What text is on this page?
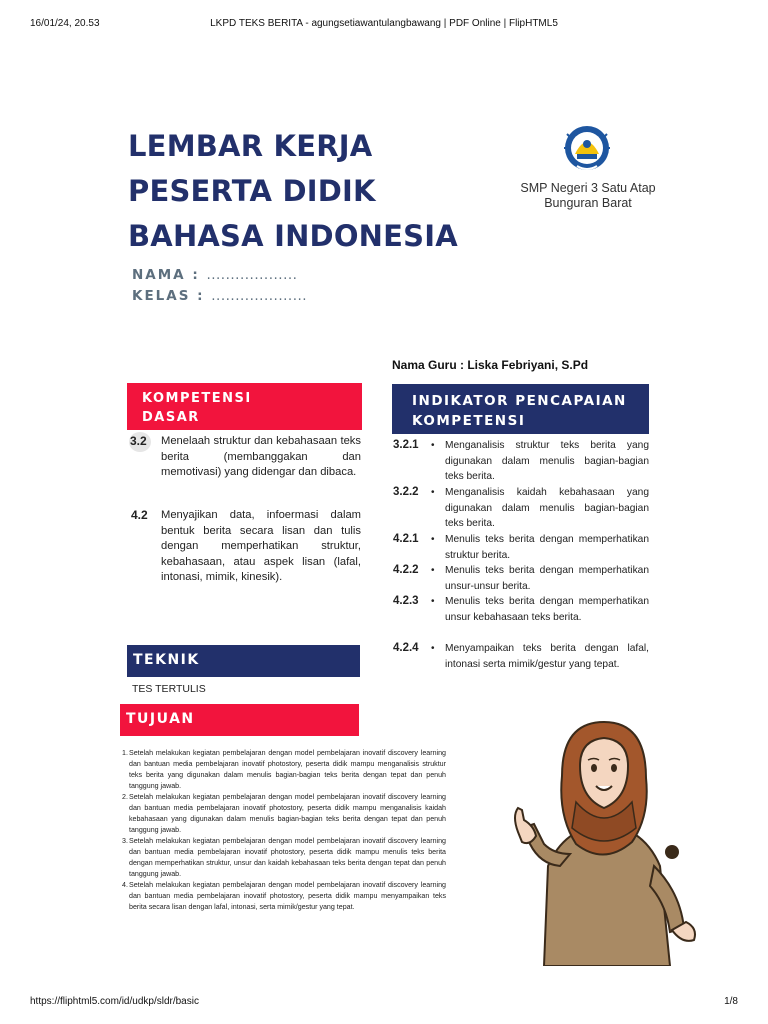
16/01/24, 20.53	LKPD TEKS BERITA - agungsetiawantulangbawang | PDF Online | FlipHTML5
LEMBAR KERJA
PESERTA DIDIK
BAHASA INDONESIA
SMP Negeri 3 Satu Atap
Bunguran Barat
NAMA : ...................
KELAS : ....................
Nama Guru : Liska Febriyani, S.Pd
KOMPETENSI
DASAR
3.2	Menelaah struktur dan kebahasaan teks berita (membanggakan dan memotivasi) yang didengar dan dibaca.
4.2 Menyajikan data, infoermasi dalam bentuk berita secara lisan dan tulis dengan memperhatikan struktur, kebahasaan, atau aspek lisan (lafal, intonasi, mimik, kinesik).
INDIKATOR PENCAPAIAN
KOMPETENSI
3.2.1 • Menganalisis struktur teks berita yang digunakan dalam menulis bagian-bagian teks berita.
3.2.2 • Menganalisis kaidah kebahasaan yang digunakan dalam menulis bagian-bagian teks berita.
4.2.1 • Menulis teks berita dengan memperhatikan struktur berita.
4.2.2 • Menulis teks berita dengan memperhatikan unsur-unsur berita.
4.2.3 • Menulis teks berita dengan memperhatikan unsur kebahasaan teks berita.
4.2.4 • Menyampaikan teks berita dengan lafal, intonasi serta mimik/gestur yang tepat.
TEKNIK
TES TERTULIS
TUJUAN
1. Setelah melakukan kegiatan pembelajaran dengan model pembelajaran inovatif discovery learning dan bantuan media pembelajaran inovatif photostory, peserta didik mampu menganalisis struktur teks berita yang digunakan dalam menulis bagian-bagian teks berita dengan tepat dan penuh tanggung jawab.
2. Setelah melakukan kegiatan pembelajaran dengan model pembelajaran inovatif discovery learning dan bantuan media pembelajaran inovatif photostory, peserta didik mampu menganalisis kaidah kebahasaan yang digunakan dalam menulis bagian-bagian teks berita dengan tepat dan penuh tanggung jawab.
3. Setelah melakukan kegiatan pembelajaran dengan model pembelajaran inovatif discovery learning dan bantuan media pembelajaran inovatif photostory, peserta didik mampu menulis teks berita dengan memperhatikan struktur, unsur dan kaidah kebahasaan teks berita dengan tepat dan penuh tanggung jawab.
4. Setelah melakukan kegiatan pembelajaran dengan model pembelajaran inovatif discovery learning dan bantuan media pembelajaran inovatif photostory, peserta didik mampu menyampaikan teks berita secara lisan dengan lafal, intonasi, serta mimik/gestur yang tepat.
https://fliphtml5.com/id/udkp/sldr/basic	1/8
